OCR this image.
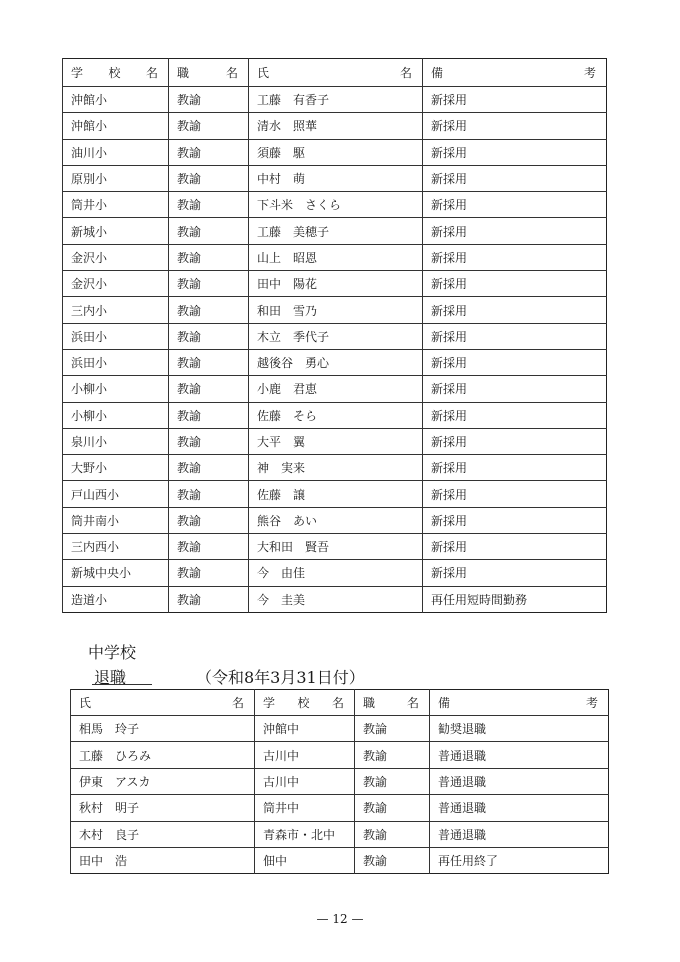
学 校 名	職 名	氏 名	備 考

沖館小	教諭	工藤　有香子	新採用
沖館小	教諭	清水　照華	新採用
油川小	教諭	須藤　駆	新採用
原別小	教諭	中村　萌	新採用
筒井小	教諭	下斗米　さくら	新採用
新城小	教諭	工藤　美穂子	新採用
金沢小	教諭	山上　昭恩	新採用
金沢小	教諭	田中　陽花	新採用
三内小	教諭	和田　雪乃	新採用
浜田小	教諭	木立　季代子	新採用
浜田小	教諭	越後谷　勇心	新採用
小柳小	教諭	小鹿　君恵	新採用
小柳小	教諭	佐藤　そら	新採用
泉川小	教諭	大平　翼	新採用
大野小	教諭	神　実来	新採用
戸山西小	教諭	佐藤　譲	新採用
筒井南小	教諭	熊谷　あい	新採用
三内西小	教諭	大和田　賢吾	新採用
新城中央小	教諭	今　由佳	新採用
造道小	教諭	今　圭美	再任用短時間勤務
中学校
退職	（令和8年3月31日付）
氏 名	学 校 名	職 名	備 考

相馬　玲子	沖館中	教論	勧奨退職
工藤　ひろみ	古川中	教諭	普通退職
伊東　アスカ	古川中	教諭	普通退職
秋村　明子	筒井中	教諭	普通退職
木村　良子	青森市・北中	教諭	普通退職
田中　浩	佃中	教諭	再任用終了
— 12 —
